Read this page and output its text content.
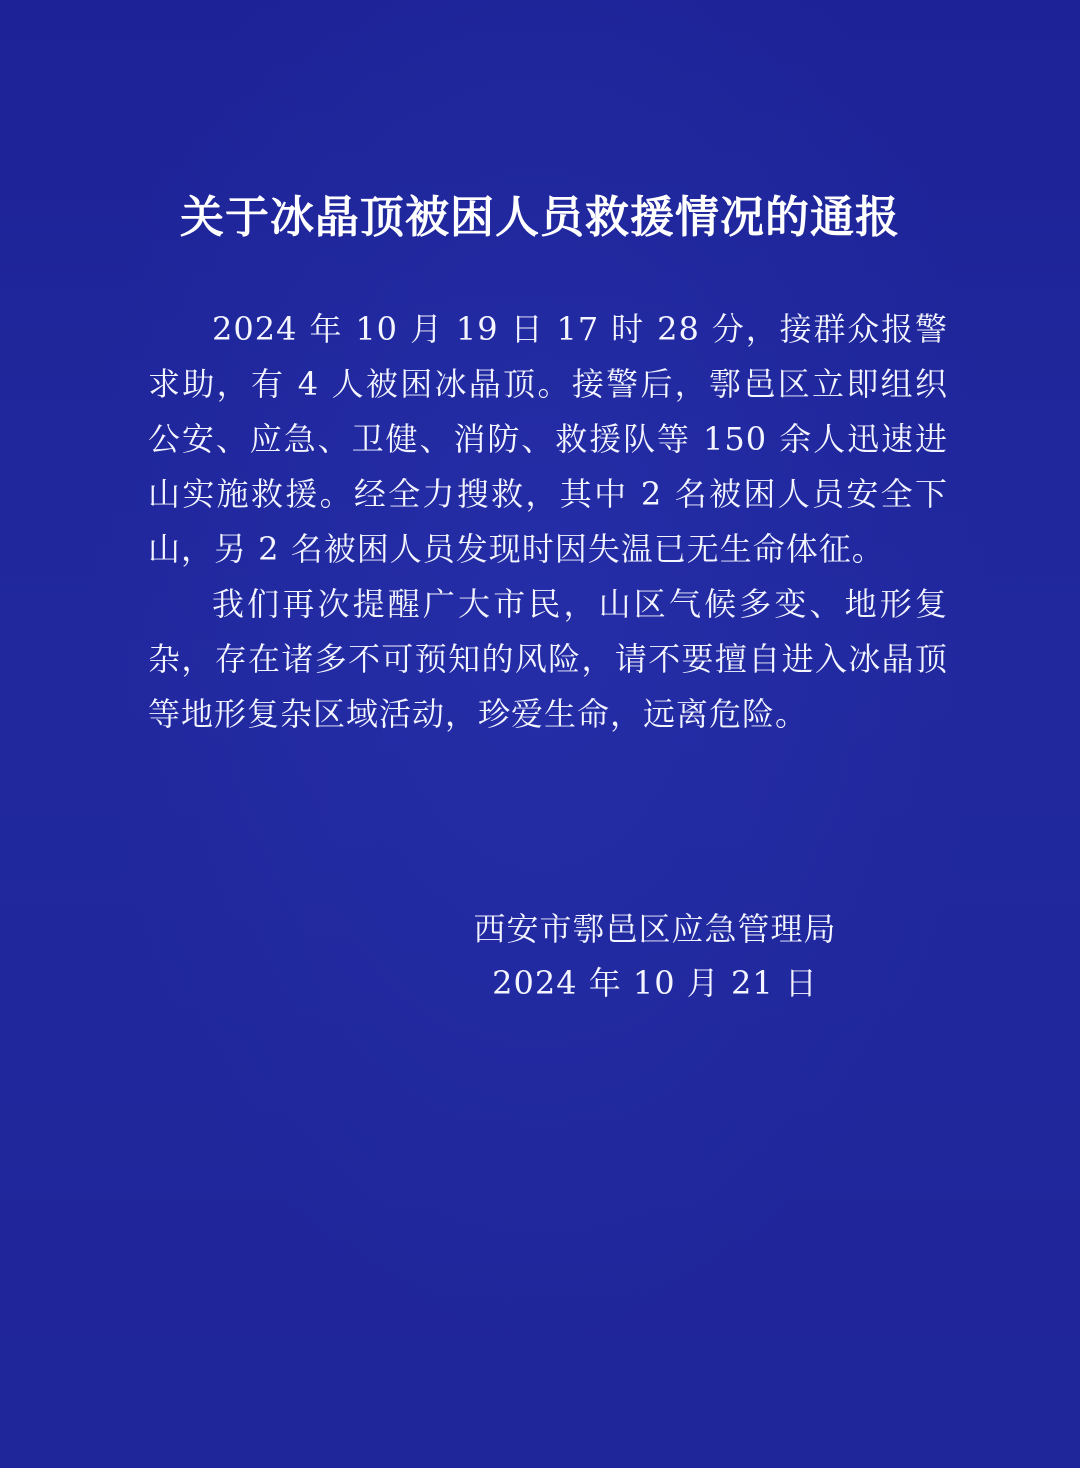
关于冰晶顶被困人员救援情况的通报

2024 年 10 月 19 日 17 时 28 分，接群众报警求助，有 4 人被困冰晶顶。接警后，鄠邑区立即组织公安、应急、卫健、消防、救援队等 150 余人迅速进山实施救援。经全力搜救，其中 2 名被困人员安全下山，另 2 名被困人员发现时因失温已无生命体征。

我们再次提醒广大市民，山区气候多变、地形复杂，存在诸多不可预知的风险，请不要擅自进入冰晶顶等地形复杂区域活动，珍爱生命，远离危险。

西安市鄠邑区应急管理局
2024 年 10 月 21 日
